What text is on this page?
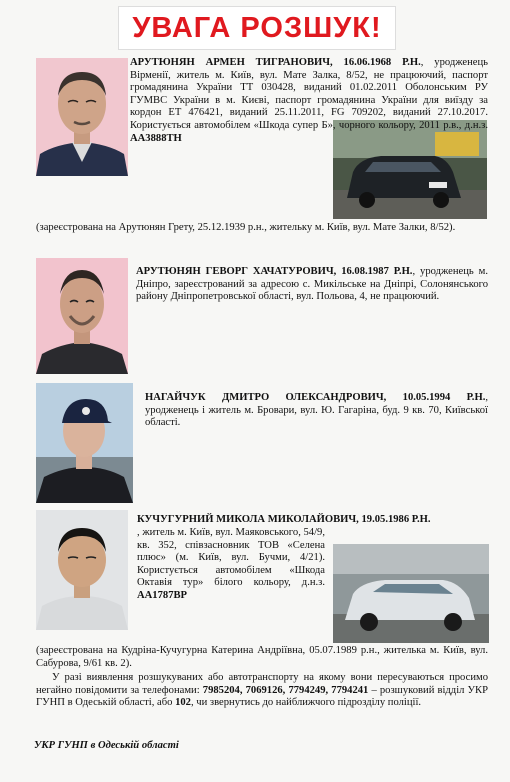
УВАГА РОЗШУК!

АРУТЮНЯН АРМЕН ТИГРАНОВИЧ, 16.06.1968 Р.Н., уродженець Вірменії, житель м. Київ, вул. Мате Залка, 8/52, не працюючий, паспорт громадянина України ТТ 030428, виданий 01.02.2011 Оболонським РУ ГУМВС України в м. Києві, паспорт громадянина України для виїзду за кордон ЕТ 476421, виданий 25.11.2011, FG 709202, виданий 27.10.2017. Користується автомобілем «Шкода супер Б», чорного кольору, 2011 р.в., д.н.з. АА3888ТН

(зареєстрована на Арутюнян Грету, 25.12.1939 р.н., жительку м. Київ, вул. Мате Залки, 8/52).

АРУТЮНЯН ГЕВОРГ ХАЧАТУРОВИЧ, 16.08.1987 Р.Н., уродженець м. Дніпро, зареєстрований за адресою с. Микільське на Дніпрі, Солонянського району Дніпропетровської області, вул. Польова, 4, не працюючий.

НАГАЙЧУК ДМИТРО ОЛЕКСАНДРОВИЧ, 10.05.1994 Р.Н., уродженець і житель м. Бровари, вул. Ю. Гагаріна, буд. 9 кв. 70, Київської області.

КУЧУГУРНИЙ МИКОЛА МИКОЛАЙОВИЧ, 19.05.1986 Р.Н.

, житель м. Київ, вул. Маяковського, 54/9, кв. 352, співзасновник ТОВ «Селена плюс» (м. Київ, вул. Бучми, 4/21). Користується автомобілем «Шкода Октавія тур» білого кольору, д.н.з. АА1787ВР

(зареєстрована на Кудріна-Кучугурна Катерина Андріївна, 05.07.1989 р.н., жителька м. Київ, вул. Сабурова, 9/61 кв. 2).

У разі виявлення розшукуваних або автотранспорту на якому вони пересуваються просимо негайно повідомити за телефонами: 7985204, 7069126, 7794249, 7794241 – розшуковий відділ УКР ГУНП в Одеській області, або 102, чи звернутись до найближчого підрозділу поліції.

УКР ГУНП в Одеській області
